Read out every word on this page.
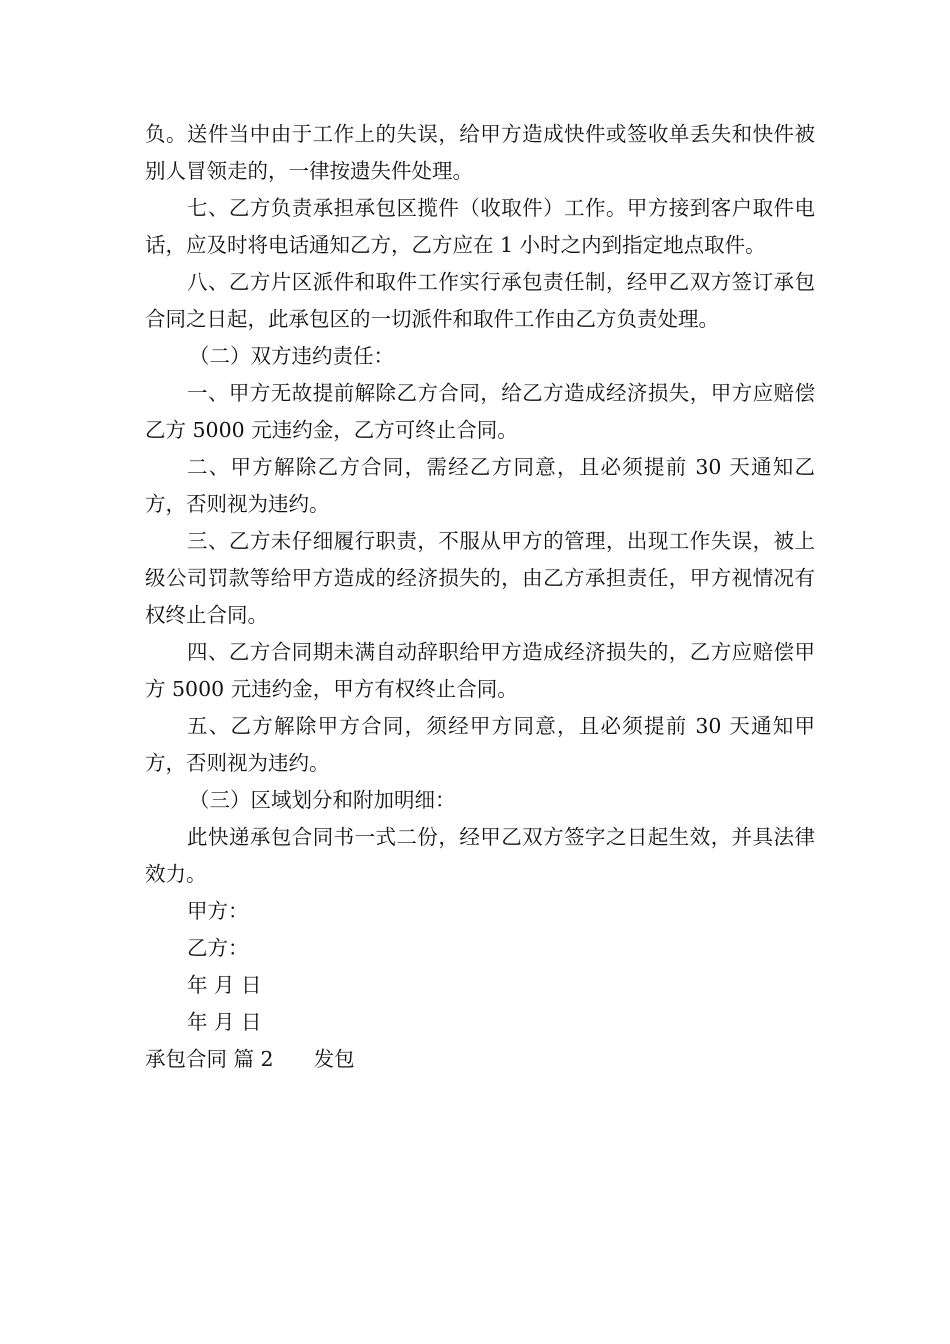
负。送件当中由于工作上的失误，给甲方造成快件或签收单丢失和快件被别人冒领走的，一律按遗失件处理。

七、乙方负责承担承包区揽件（收取件）工作。甲方接到客户取件电话，应及时将电话通知乙方，乙方应在 1 小时之内到指定地点取件。

八、乙方片区派件和取件工作实行承包责任制，经甲乙双方签订承包合同之日起，此承包区的一切派件和取件工作由乙方负责处理。

（二）双方违约责任：

一、甲方无故提前解除乙方合同，给乙方造成经济损失，甲方应赔偿乙方 5000 元违约金，乙方可终止合同。

二、甲方解除乙方合同，需经乙方同意，且必须提前 30 天通知乙方，否则视为违约。

三、乙方未仔细履行职责，不服从甲方的管理，出现工作失误，被上级公司罚款等给甲方造成的经济损失的，由乙方承担责任，甲方视情况有权终止合同。

四、乙方合同期未满自动辞职给甲方造成经济损失的，乙方应赔偿甲方 5000 元违约金，甲方有权终止合同。

五、乙方解除甲方合同，须经甲方同意，且必须提前 30 天通知甲方，否则视为违约。

（三）区域划分和附加明细：

此快递承包合同书一式二份，经甲乙双方签字之日起生效，并具法律效力。

甲方：

乙方：

年 月 日

年 月 日

承包合同 篇 2 发包
